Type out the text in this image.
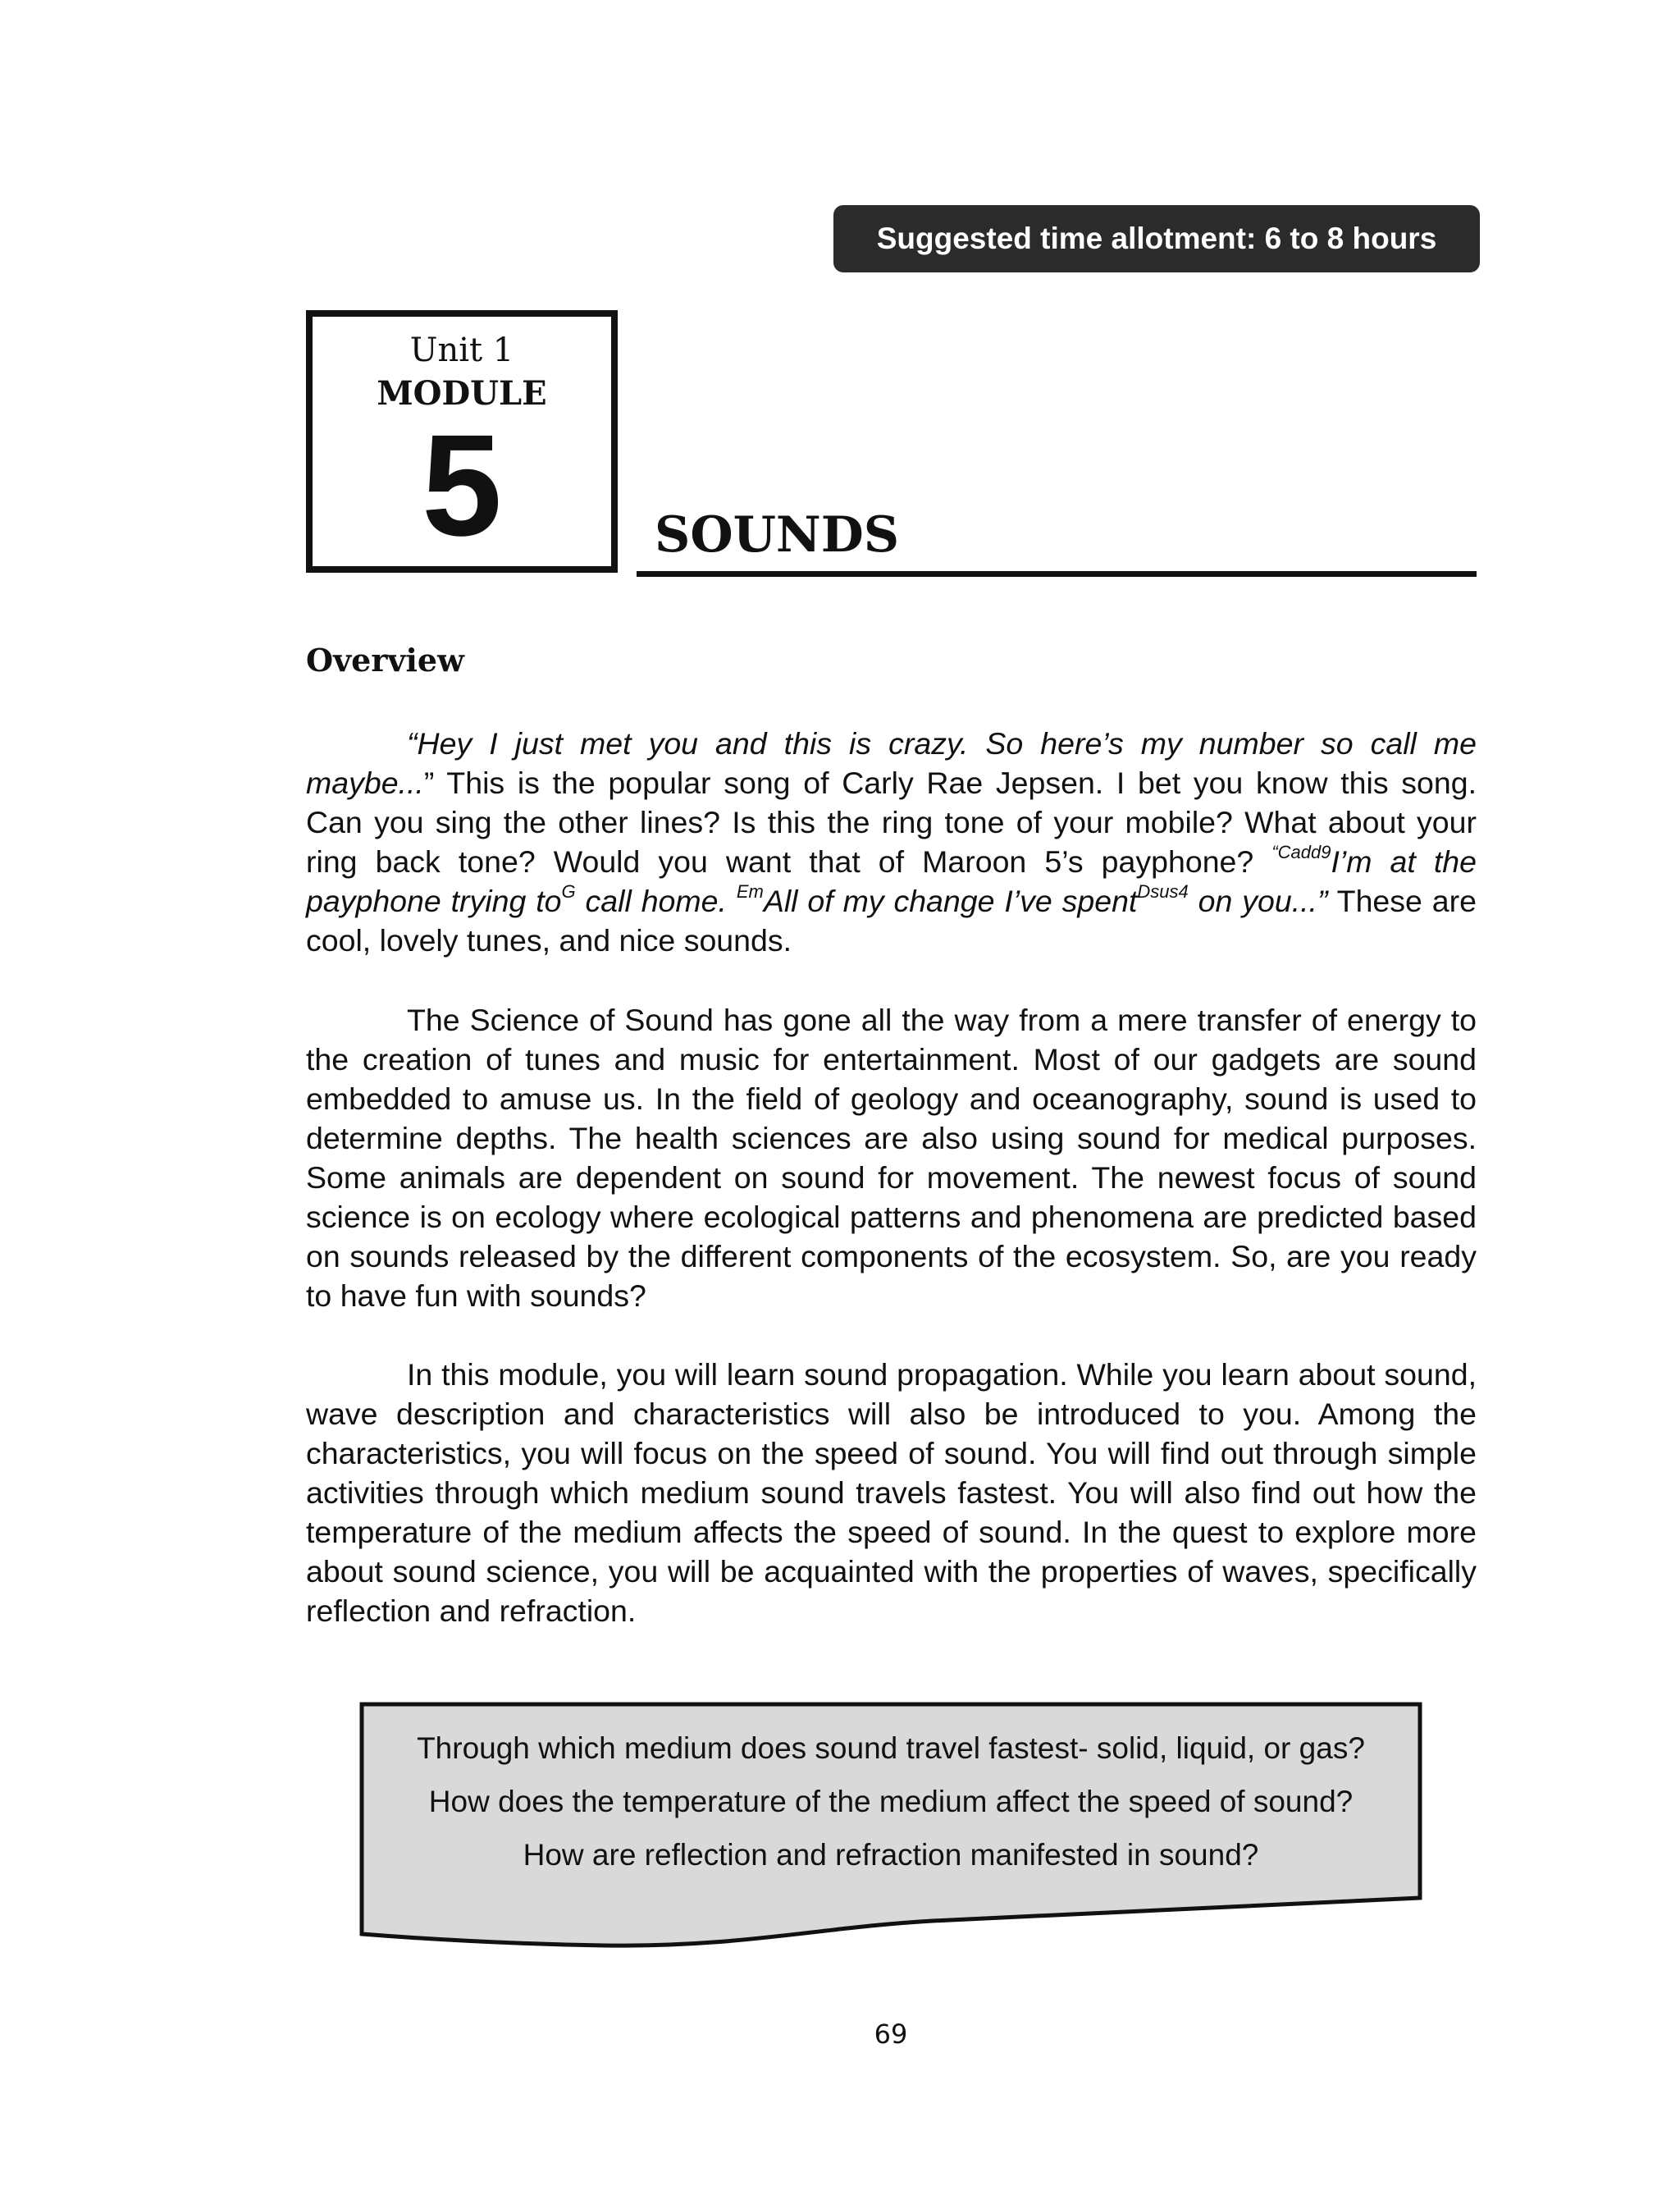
Suggested time allotment: 6 to 8 hours
Unit 1
MODULE
5	SOUNDS
Overview

“Hey I just met you and this is crazy. So here’s my number so call me maybe...” This is the popular song of Carly Rae Jepsen. I bet you know this song. Can you sing the other lines? Is this the ring tone of your mobile? What about your ring back tone? Would you want that of Maroon 5’s payphone? $^{“Cadd9}$I’m at the payphone trying $to^G$ call home. $^{Em}$All of my change I’ve spent$^{Dsus4}$ on you...” These are cool, lovely tunes, and nice sounds.

The Science of Sound has gone all the way from a mere transfer of energy to the creation of tunes and music for entertainment. Most of our gadgets are sound embedded to amuse us. In the field of geology and oceanography, sound is used to determine depths. The health sciences are also using sound for medical purposes. Some animals are dependent on sound for movement. The newest focus of sound science is on ecology where ecological patterns and phenomena are predicted based on sounds released by the different components of the ecosystem. So, are you ready to have fun with sounds?

In this module, you will learn sound propagation. While you learn about sound, wave description and characteristics will also be introduced to you. Among the characteristics, you will focus on the speed of sound. You will find out through simple activities through which medium sound travels fastest. You will also find out how the temperature of the medium affects the speed of sound. In the quest to explore more about sound science, you will be acquainted with the properties of waves, specifically reflection and refraction.

Through which medium does sound travel fastest- solid, liquid, or gas?
How does the temperature of the medium affect the speed of sound?
How are reflection and refraction manifested in sound?
69
